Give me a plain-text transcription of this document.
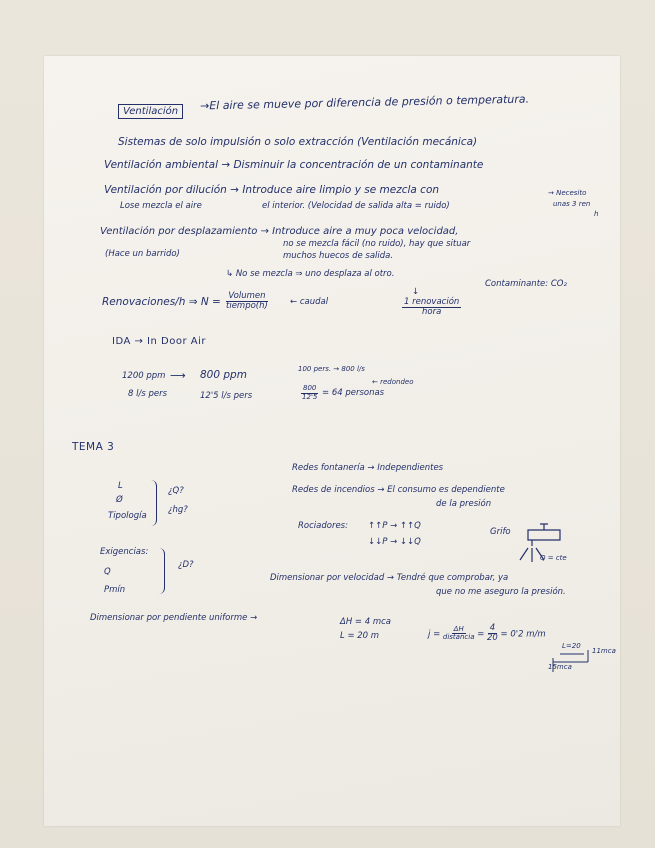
Ventilación	→El aire se mueve por diferencia de presión o temperatura.
Sistemas de solo impulsión o solo extracción (Ventilación mecánica)
Ventilación ambiental → Disminuir la concentración de un contaminante
Ventilación por dilución → Introduce aire limpio y se mezcla con
Lose mezcla el aire	el interior. (Velocidad de salida alta = ruido)
→ Necesito
unas 3 ren
h
Ventilación por desplazamiento → Introduce aire a muy poca velocidad,
no se mezcla fácil (no ruido), hay que situar
muchos huecos de salida.
(Hace un barrido)
↳ No se mezcla ⇒ uno desplaza al otro.
Contaminante: CO₂
Renovaciones/h ⇒ $N = \frac{\text{Volumen}}{\text{tiempo(h)}}$	← caudal
↓
$\frac{\text{1 renovación}}{\text{hora}}$
IDA → In Door Air
1200 ppm ⟶ 800 ppm
8 l/s pers	12'5 l/s pers
100 pers. → 800 l/s
← redondeo
$\frac{800}{12'5} = 64$ personas
TEMA 3
L
Ø
Tipología
¿Q?
¿hg?
Redes fontanería → Independientes
Redes de incendios → El consumo es dependiente
de la presión
Rociadores: ↑↑P → ↑↑Q
↓↓P → ↓↓Q
Grifo
Q = cte
Exigencias:
Q
Pmín
¿D?
Dimensionar por velocidad → Tendré que comprobar, ya
que no me aseguro la presión.
Dimensionar por pendiente uniforme →	ΔH = 4 mca
L = 20 m	$j = \frac{\Delta H}{\text{distancia}} = \frac{4}{20} = 0'2$ m/m
L=20
11mca
15mca
